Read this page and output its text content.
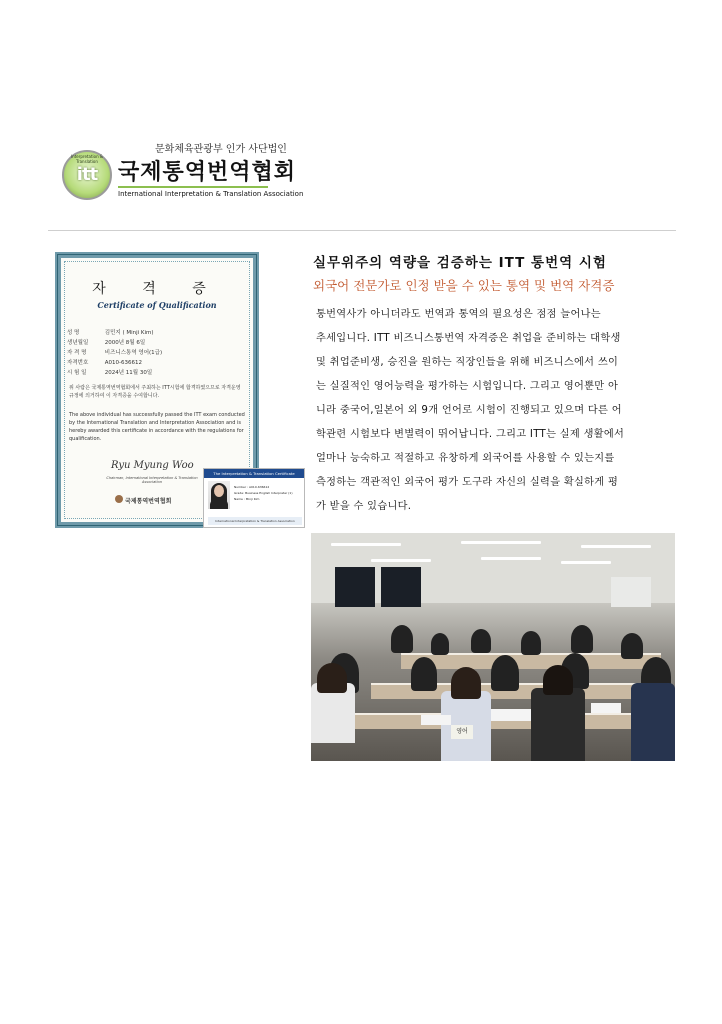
Interpretation & Translation
itt
문화체육관광부 인가 사단법인
국제통역번역협회
International Interpretation & Translation Association
자 격 증
Certificate of Qualification
성 명	김민지 ( Minji Kim)
생년월일	2000년 8월 6일
자 격 명	비즈니스통역 영어(1급)
자격번호	A010-636612
시 험 일	2024년 11월 30일
위 사람은 국제통역번역협회에서 주최하는 ITT시험에 합격하였으므로 자격운영규정에 의거하여 이 자격증을 수여합니다.
The above individual has successfully passed the ITT exam conducted by the International Translation and Interpretation Association and is hereby awarded this certificate in accordance with the regulations for qualification.
Ryu Myung Woo
Chairman, International Interpretation & Translation Association
국제통역번역협회
The Interpretation & Translation Certificate
Number : A010-636612
Grade: Business English Interpreter (1)
Name : Minji Kim
International Interpretation & Translation Association
실무위주의 역량을 검증하는 ITT 통번역 시험
외국어 전문가로 인정 받을 수 있는 통역 및 번역 자격증
통번역사가 아니더라도 번역과 통역의 필요성은 점점 늘어나는
추세입니다. ITT 비즈니스통번역 자격증은 취업을 준비하는 대학생
및 취업준비생, 승진을 원하는 직장인들을 위해 비즈니스에서 쓰이
는 실질적인 영어능력을 평가하는 시험입니다. 그리고 영어뿐만 아
니라 중국어,일본어 외 9개 언어로 시험이 진행되고 있으며 다른 어
학관련 시험보다 변별력이 뛰어납니다. 그리고 ITT는 실제 생활에서
얼마나 능숙하고 적절하고 유창하게 외국어를 사용할 수 있는지를
측정하는 객관적인 외국어 평가 도구라 자신의 실력을 확실하게 평
가 받을 수 있습니다.
영어
